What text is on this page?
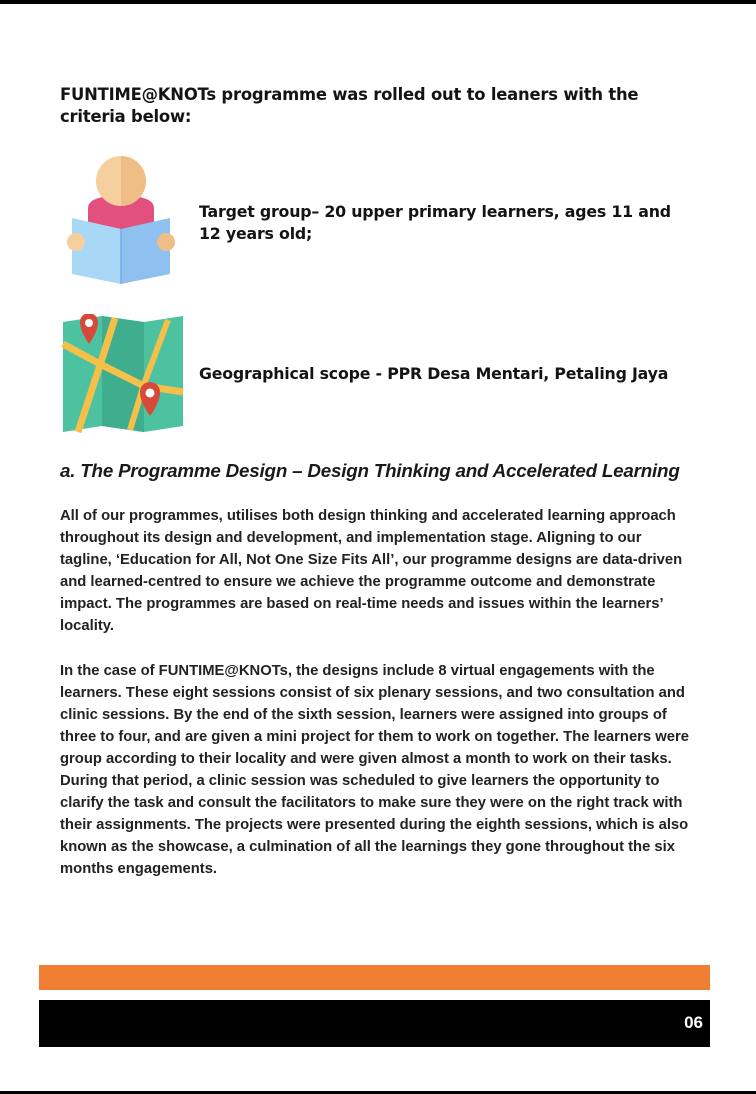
FUNTIME@KNOTs programme was rolled out to leaners with the criteria below:

Target group– 20 upper primary learners, ages 11 and 12 years old;

Geographical scope - PPR Desa Mentari, Petaling Jaya

a. The Programme Design – Design Thinking and Accelerated Learning

All of our programmes, utilises both design thinking and accelerated learning approach throughout its design and development, and implementation stage. Aligning to our tagline, ‘Education for All, Not One Size Fits All’, our programme designs are data-driven and learned-centred to ensure we achieve the programme outcome and demonstrate impact. The programmes are based on real-time needs and issues within the learners’ locality.

In the case of FUNTIME@KNOTs, the designs include 8 virtual engagements with the learners. These eight sessions consist of six plenary sessions, and two consultation and clinic sessions. By the end of the sixth session, learners were assigned into groups of three to four, and are given a mini project for them to work on together. The learners were group according to their locality and were given almost a month to work on their tasks. During that period, a clinic session was scheduled to give learners the opportunity to clarify the task and consult the facilitators to make sure they were on the right track with their assignments. The projects were presented during the eighth sessions, which is also known as the showcase, a culmination of all the learnings they gone throughout the six months engagements.

06
